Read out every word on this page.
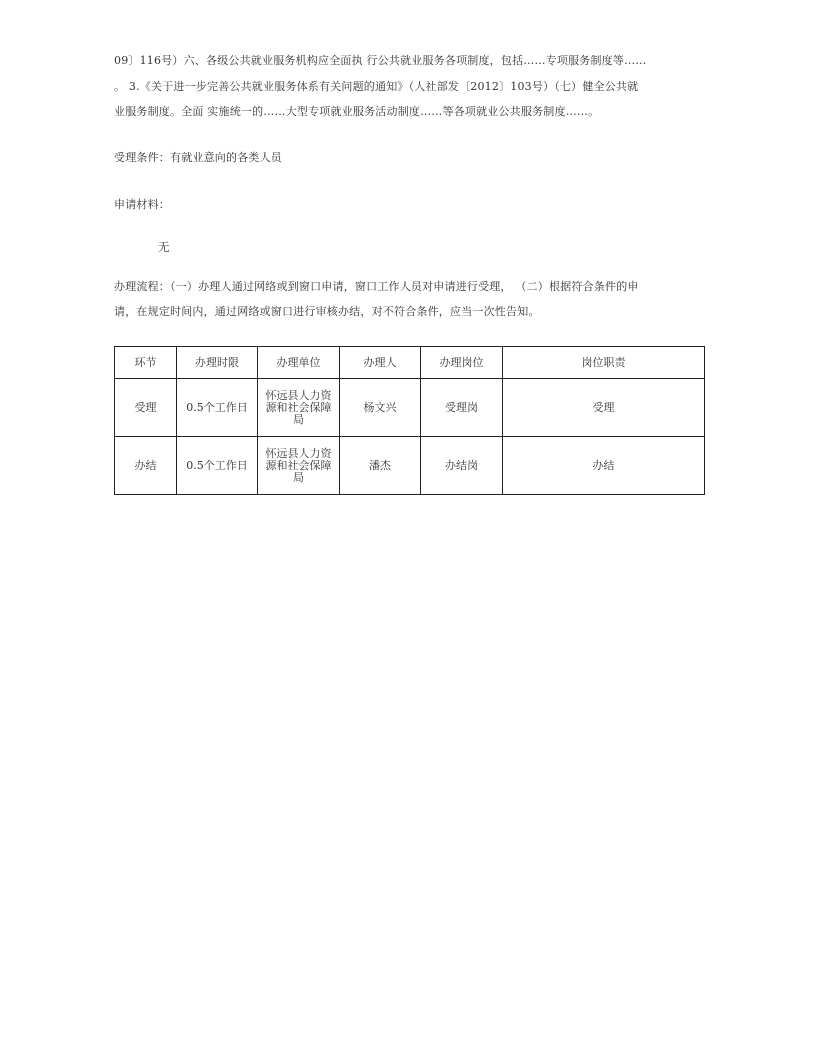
09〕116号）六、各级公共就业服务机构应全面执 行公共就业服务各项制度，包括……专项服务制度等……
。 3.《关于进一步完善公共就业服务体系有关问题的通知》（人社部发〔2012〕103号）（七）健全公共就
业服务制度。全面 实施统一的……大型专项就业服务活动制度……等各项就业公共服务制度……。
受理条件：有就业意向的各类人员
申请材料：
无
办理流程：（一）办理人通过网络或到窗口申请，窗口工作人员对申请进行受理， （二）根据符合条件的申
请，在规定时间内，通过网络或窗口进行审核办结，对不符合条件，应当一次性告知。
环节	办理时限	办理单位	办理人	办理岗位	岗位职责
受理	0.5个工作日	怀远县人力资源和社会保障局	杨文兴	受理岗	受理
办结	0.5个工作日	怀远县人力资源和社会保障局	潘杰	办结岗	办结
